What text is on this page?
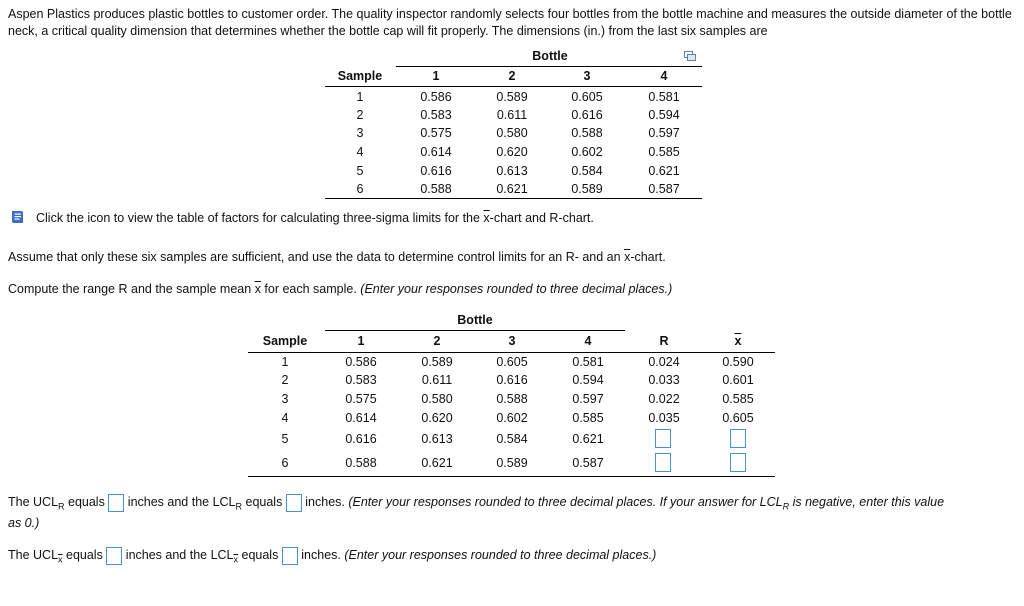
Aspen Plastics produces plastic bottles to customer order. The quality inspector randomly selects four bottles from the bottle machine and measures the outside diameter of the bottle neck, a critical quality dimension that determines whether the bottle cap will fit properly. The dimensions (in.) from the last six samples are

Bottle
Sample	1	2	3	4
1	0.586	0.589	0.605	0.581
2	0.583	0.611	0.616	0.594
3	0.575	0.580	0.588	0.597
4	0.614	0.620	0.602	0.585
5	0.616	0.613	0.584	0.621
6	0.588	0.621	0.589	0.587

Click the icon to view the table of factors for calculating three-sigma limits for the $\overline{x}$-chart and R-chart.

Assume that only these six samples are sufficient, and use the data to determine control limits for an R- and an $\overline{x}$-chart.

Compute the range R and the sample mean $\overline{x}$ for each sample. (Enter your responses rounded to three decimal places.)

Bottle
Sample	1	2	3	4	R	$\overline{x}$
1	0.586	0.589	0.605	0.581	0.024	0.590
2	0.583	0.611	0.616	0.594	0.033	0.601
3	0.575	0.580	0.588	0.597	0.022	0.585
4	0.614	0.620	0.602	0.585	0.035	0.605
5	0.616	0.613	0.584	0.621
6	0.588	0.621	0.589	0.587
The $UCL_R$ equals  inches and the $LCL_R$ equals  inches. (Enter your responses rounded to three decimal places. If your answer for $LCL_R$ is negative, enter this value

as 0.)

The $UCL_{\overline{x}}$ equals  inches and the $LCL_{\overline{x}}$ equals  inches. (Enter your responses rounded to three decimal places.)
